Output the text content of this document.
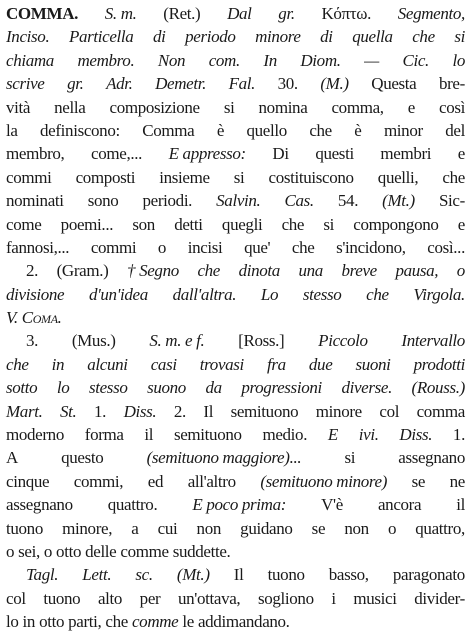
COMMA. S. m. (Ret.) Dal gr. Κόπτω. Segmento,
Inciso. Particella di periodo minore di quella che si
chiama membro. Non com. In Diom. — Cic. lo
scrive gr. Adr. Demetr. Fal. 30. (M.) Questa bre-
vità nella composizione si nomina comma, e così
la definiscono: Comma è quello che è minor del
membro, come,... E appresso: Di questi membri e
commi composti insieme si costituiscono quelli, che
nominati sono periodi. Salvin. Cas. 54. (Mt.) Sic-
come poemi... son detti quegli che si compongono e
fannosi,... commi o incisi que' che s'incidono, così...
2. (Gram.) † Segno che dinota una breve pausa, o
divisione d'un'idea dall'altra. Lo stesso che Virgola.
V. Coma.
3. (Mus.) S. m. e f. [Ross.] Piccolo Intervallo
che in alcuni casi trovasi fra due suoni prodotti
sotto lo stesso suono da progressioni diverse. (Rouss.)
Mart. St. 1. Diss. 2. Il semituono minore col comma
moderno forma il semituono medio. E ivi. Diss. 1.
A	questo	(semituono maggiore)...	si	assegnano
cinque commi, ed all'altro (semituono minore) se ne
assegnano quattro. E poco prima: V'è ancora il
tuono minore, a cui non guidano se non o quattro,
o sei, o otto delle comme suddette.
Tagl. Lett. sc. (Mt.) Il tuono basso, paragonato
col tuono alto per un'ottava, sogliono i musici divider-
lo in otto parti, che comme le addimandano.
